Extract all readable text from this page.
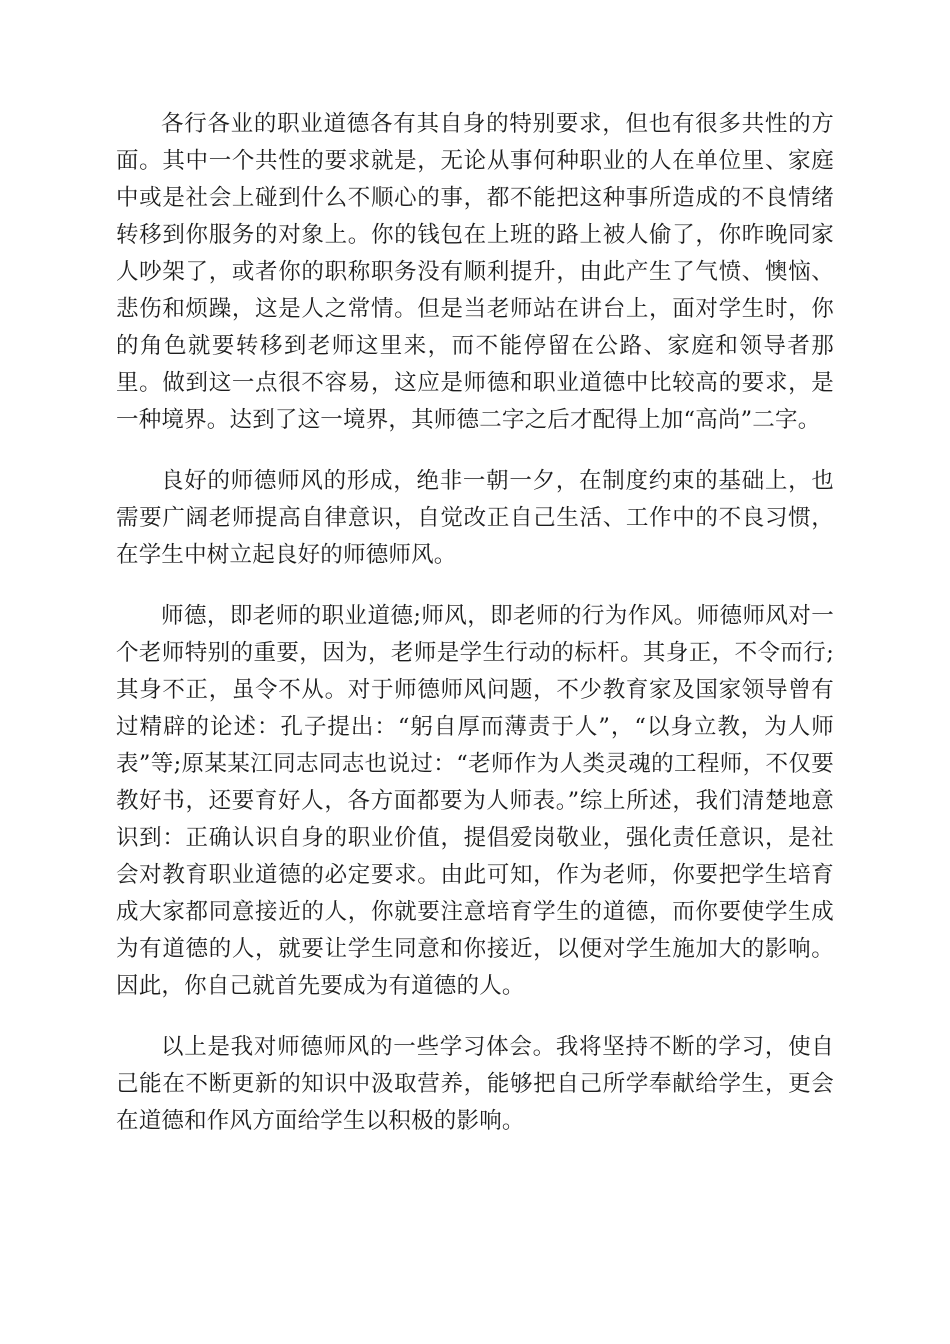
各行各业的职业道德各有其自身的特别要求，但也有很多共性的方面。其中一个共性的要求就是，无论从事何种职业的人在单位里、家庭中或是社会上碰到什么不顺心的事，都不能把这种事所造成的不良情绪转移到你服务的对象上。你的钱包在上班的路上被人偷了，你昨晚同家人吵架了，或者你的职称职务没有顺利提升，由此产生了气愤、懊恼、悲伤和烦躁，这是人之常情。但是当老师站在讲台上，面对学生时，你的角色就要转移到老师这里来，而不能停留在公路、家庭和领导者那里。做到这一点很不容易，这应是师德和职业道德中比较高的要求，是一种境界。达到了这一境界，其师德二字之后才配得上加“高尚”二字。

良好的师德师风的形成，绝非一朝一夕，在制度约束的基础上，也需要广阔老师提高自律意识，自觉改正自己生活、工作中的不良习惯，在学生中树立起良好的师德师风。

师德，即老师的职业道德;师风，即老师的行为作风。师德师风对一个老师特别的重要，因为，老师是学生行动的标杆。其身正，不令而行;其身不正，虽令不从。对于师德师风问题，不少教育家及国家领导曾有过精辟的论述：孔子提出：“躬自厚而薄责于人”，“以身立教，为人师表”等;原某某江同志同志也说过：“老师作为人类灵魂的工程师，不仅要教好书，还要育好人，各方面都要为人师表。”综上所述，我们清楚地意识到：正确认识自身的职业价值，提倡爱岗敬业，强化责任意识，是社会对教育职业道德的必定要求。由此可知，作为老师，你要把学生培育成大家都同意接近的人，你就要注意培育学生的道德，而你要使学生成为有道德的人，就要让学生同意和你接近，以便对学生施加大的影响。因此，你自己就首先要成为有道德的人。

以上是我对师德师风的一些学习体会。我将坚持不断的学习，使自己能在不断更新的知识中汲取营养，能够把自己所学奉献给学生，更会在道德和作风方面给学生以积极的影响。
